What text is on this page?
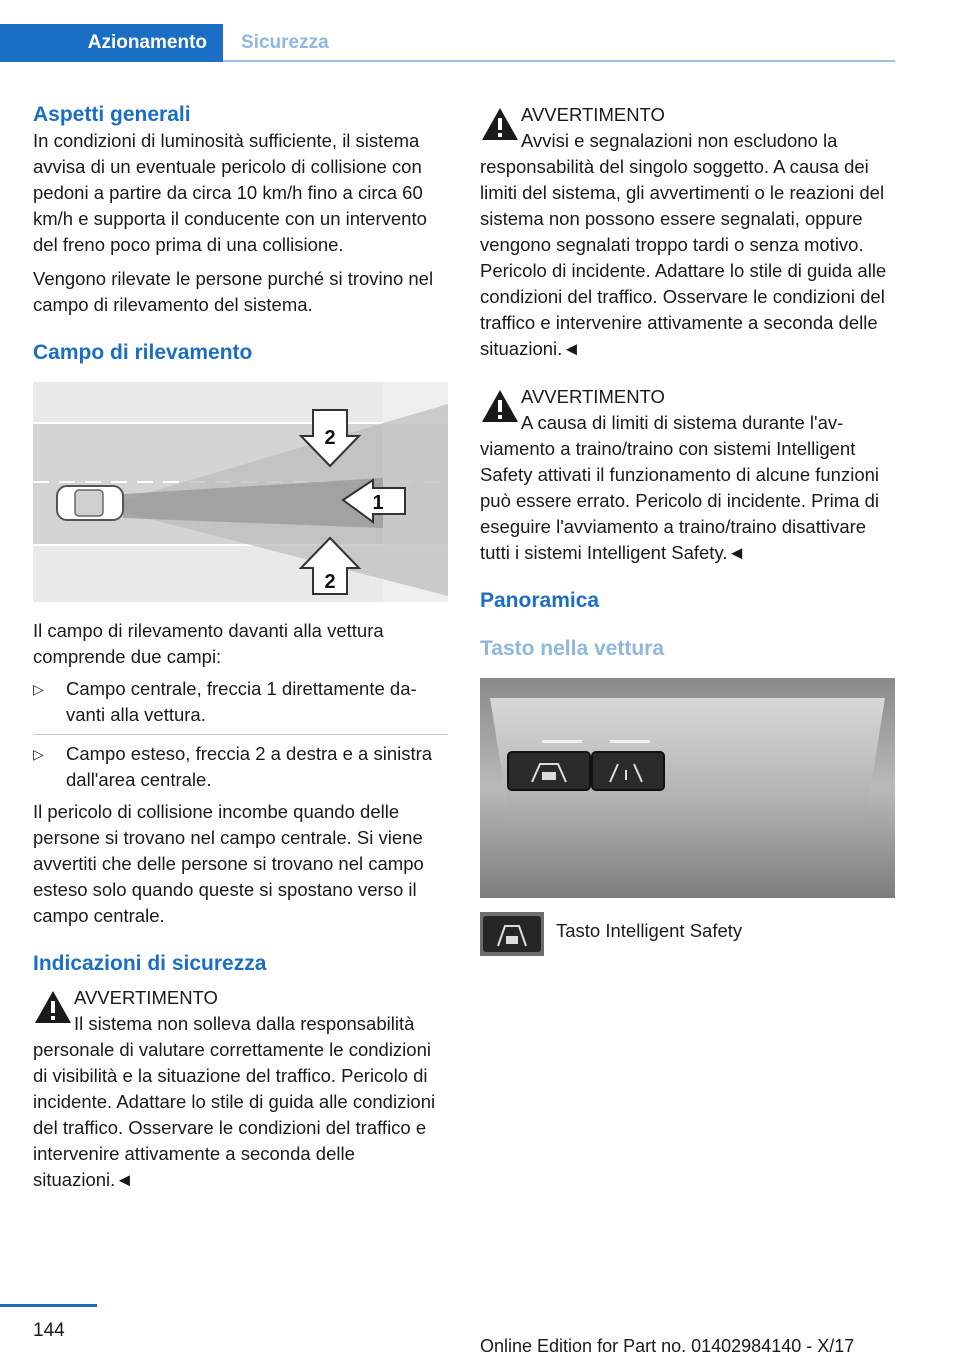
Azionamento	Sicurezza
Aspetti generali

In condizioni di luminosità sufficiente, il sistema avvisa di un eventuale pericolo di collisione con pedoni a partire da circa 10 km/h fino a circa 60 km/h e supporta il conducente con un intervento del freno poco prima di una collisione.

Vengono rilevate le persone purché si trovino nel campo di rilevamento del sistema.

Campo di rilevamento
2
1
2

Il campo di rilevamento davanti alla vettura comprende due campi:

▷ Campo centrale, freccia 1 direttamente davanti alla vettura.
▷ Campo esteso, freccia 2 a destra e a sinistra dall'area centrale.

Il pericolo di collisione incombe quando delle persone si trovano nel campo centrale. Si viene avvertiti che delle persone si trovano nel campo esteso solo quando queste si spostano verso il campo centrale.

Indicazioni di sicurezza

AVVERTIMENTO

Il sistema non solleva dalla responsabilità personale di valutare correttamente le condizioni di visibilità e la situazione del traffico. Pericolo di incidente. Adattare lo stile di guida alle condizioni del traffico. Osservare le condizioni del traffico e intervenire attivamente a seconda delle situazioni.◄

AVVERTIMENTO

Avvisi e segnalazioni non escludono la responsabilità del singolo soggetto. A causa dei limiti del sistema, gli avvertimenti o le reazioni del sistema non possono essere segnalati, oppure vengono segnalati troppo tardi o senza motivo. Pericolo di incidente. Adattare lo stile di guida alle condizioni del traffico. Osservare le condizioni del traffico e intervenire attivamente a seconda delle situazioni.◄

AVVERTIMENTO

A causa di limiti di sistema durante l'avviamento a traino/traino con sistemi Intelligent Safety attivati il funzionamento di alcune funzioni può essere errato. Pericolo di incidente. Prima di eseguire l'avviamento a traino/traino disattivare tutti i sistemi Intelligent Safety.◄

Panoramica
Tasto nella vettura

Tasto Intelligent Safety

144
Online Edition for Part no. 01402984140 - X/17
